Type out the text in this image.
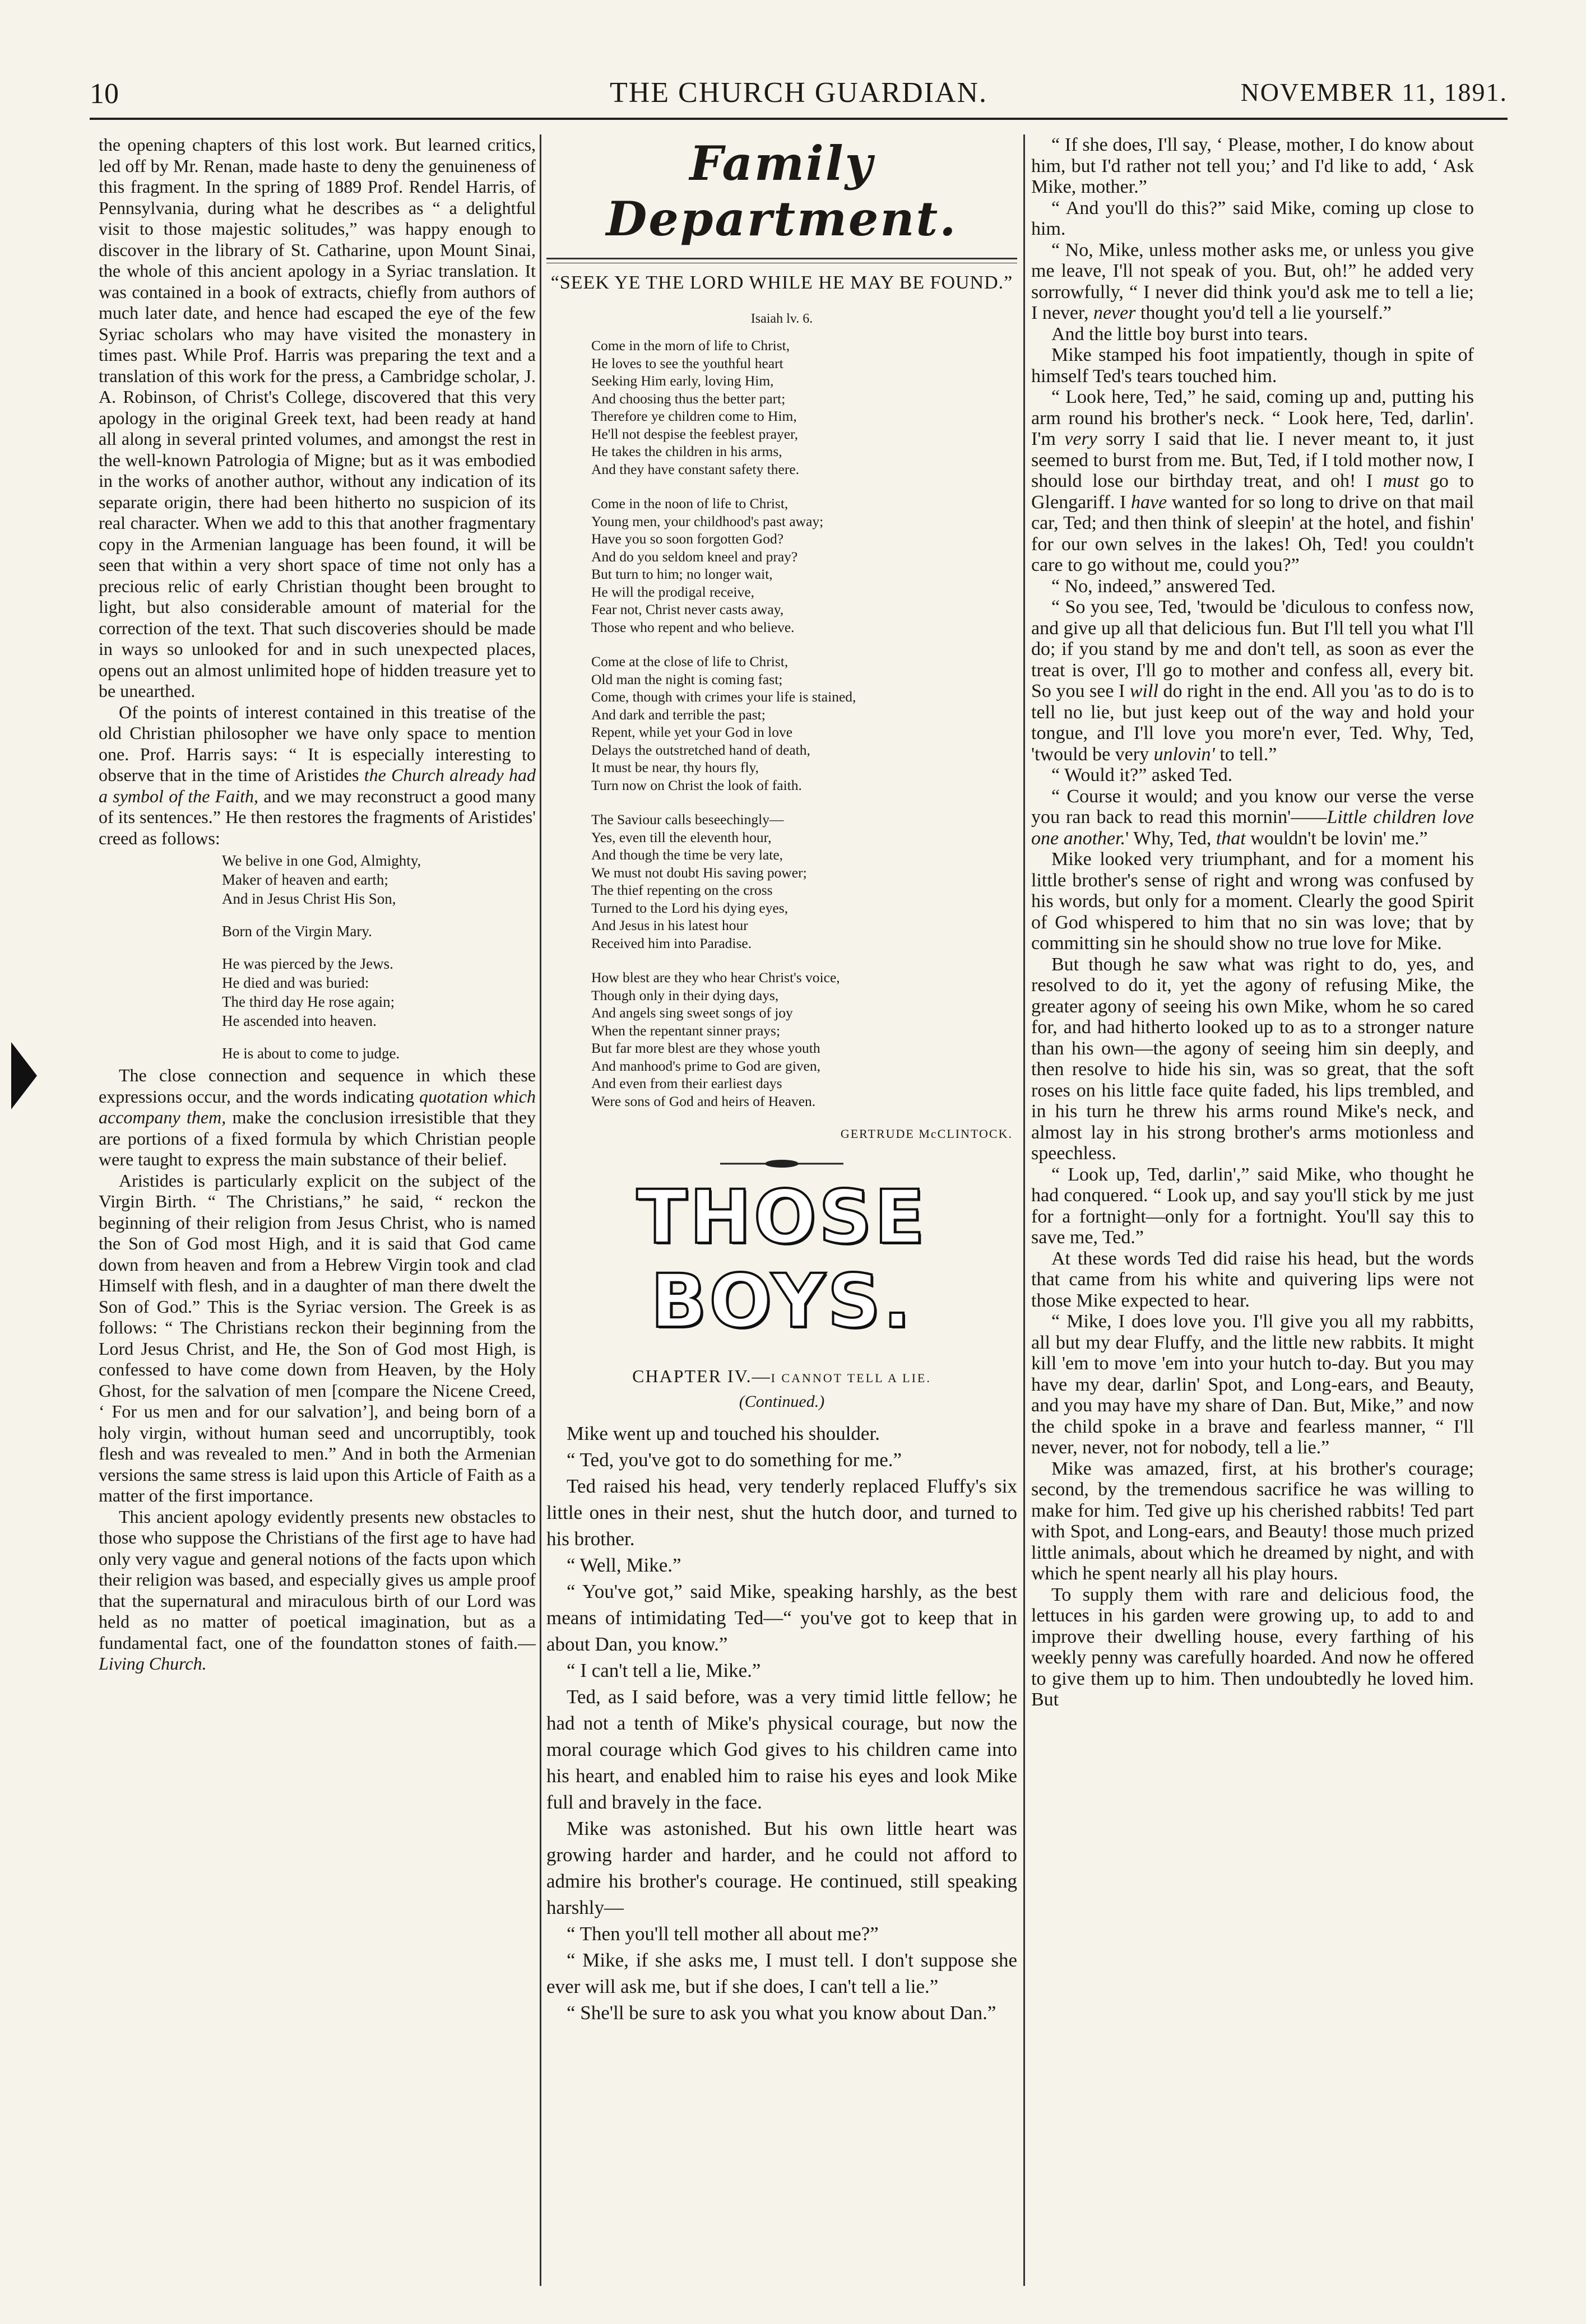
10	THE CHURCH GUARDIAN.	NOVEMBER 11, 1891.

the opening chapters of this lost work. But learned critics, led off by Mr. Renan, made haste to deny the genuineness of this fragment. In the spring of 1889 Prof. Rendel Harris, of Pennsylvania, during what he describes as “ a delightful visit to those majestic solitudes,” was happy enough to discover in the library of St. Catharine, upon Mount Sinai, the whole of this ancient apology in a Syriac translation. It was contained in a book of extracts, chiefly from authors of much later date, and hence had escaped the eye of the few Syriac scholars who may have visited the monastery in times past. While Prof. Harris was preparing the text and a translation of this work for the press, a Cambridge scholar, J. A. Robinson, of Christ's College, discovered that this very apology in the original Greek text, had been ready at hand all along in several printed volumes, and amongst the rest in the well-known Patrologia of Migne; but as it was embodied in the works of another author, without any indication of its separate origin, there had been hitherto no suspicion of its real character. When we add to this that another fragmentary copy in the Armenian language has been found, it will be seen that within a very short space of time not only has a precious relic of early Christian thought been brought to light, but also considerable amount of material for the correction of the text. That such discoveries should be made in ways so unlooked for and in such unexpected places, opens out an almost unlimited hope of hidden treasure yet to be unearthed.

Of the points of interest contained in this treatise of the old Christian philosopher we have only space to mention one. Prof. Harris says: “ It is especially interesting to observe that in the time of Aristides the Church already had a symbol of the Faith, and we may reconstruct a good many of its sentences.” He then restores the fragments of Aristides' creed as follows:

We belive in one God, Almighty,
Maker of heaven and earth;
And in Jesus Christ His Son,
Born of the Virgin Mary.
He was pierced by the Jews.
He died and was buried:
The third day He rose again;
He ascended into heaven.
He is about to come to judge.

The close connection and sequence in which these expressions occur, and the words indicating quotation which accompany them, make the conclusion irresistible that they are portions of a fixed formula by which Christian people were taught to express the main substance of their belief.

Aristides is particularly explicit on the subject of the Virgin Birth. “ The Christians,” he said, “ reckon the beginning of their religion from Jesus Christ, who is named the Son of God most High, and it is said that God came down from heaven and from a Hebrew Virgin took and clad Himself with flesh, and in a daughter of man there dwelt the Son of God.” This is the Syriac version. The Greek is as follows: “ The Christians reckon their beginning from the Lord Jesus Christ, and He, the Son of God most High, is confessed to have come down from Heaven, by the Holy Ghost, for the salvation of men [compare the Nicene Creed, ‘ For us men and for our salvation’], and being born of a holy virgin, without human seed and uncorruptibly, took flesh and was revealed to men.” And in both the Armenian versions the same stress is laid upon this Article of Faith as a matter of the first importance.

This ancient apology evidently presents new obstacles to those who suppose the Christians of the first age to have had only very vague and general notions of the facts upon which their religion was based, and especially gives us ample proof that the supernatural and miraculous birth of our Lord was held as no matter of poetical imagination, but as a fundamental fact, one of the foundatton stones of faith.—Living Church.

Family Department.
“SEEK YE THE LORD WHILE HE MAY BE FOUND.”
Isaiah lv. 6.
Come in the morn of life to Christ,
He loves to see the youthful heart
Seeking Him early, loving Him,
And choosing thus the better part;
Therefore ye children come to Him,
He'll not despise the feeblest prayer,
He takes the children in his arms,
And they have constant safety there.
Come in the noon of life to Christ,
Young men, your childhood's past away;
Have you so soon forgotten God?
And do you seldom kneel and pray?
But turn to him; no longer wait,
He will the prodigal receive,
Fear not, Christ never casts away,
Those who repent and who believe.
Come at the close of life to Christ,
Old man the night is coming fast;
Come, though with crimes your life is stained,
And dark and terrible the past;
Repent, while yet your God in love
Delays the outstretched hand of death,
It must be near, thy hours fly,
Turn now on Christ the look of faith.
The Saviour calls beseechingly—
Yes, even till the eleventh hour,
And though the time be very late,
We must not doubt His saving power;
The thief repenting on the cross
Turned to the Lord his dying eyes,
And Jesus in his latest hour
Received him into Paradise.
How blest are they who hear Christ's voice,
Though only in their dying days,
And angels sing sweet songs of joy
When the repentant sinner prays;
But far more blest are they whose youth
And manhood's prime to God are given,
And even from their earliest days
Were sons of God and heirs of Heaven.
GERTRUDE McCLINTOCK.
THOSE BOYS.
CHAPTER IV.—I CANNOT TELL A LIE.
(Continued.)

Mike went up and touched his shoulder.

“ Ted, you've got to do something for me.”

Ted raised his head, very tenderly replaced Fluffy's six little ones in their nest, shut the hutch door, and turned to his brother.

“ Well, Mike.”

“ You've got,” said Mike, speaking harshly, as the best means of intimidating Ted—“ you've got to keep that in about Dan, you know.”

“ I can't tell a lie, Mike.”

Ted, as I said before, was a very timid little fellow; he had not a tenth of Mike's physical courage, but now the moral courage which God gives to his children came into his heart, and enabled him to raise his eyes and look Mike full and bravely in the face.

Mike was astonished. But his own little heart was growing harder and harder, and he could not afford to admire his brother's courage. He continued, still speaking harshly—

“ Then you'll tell mother all about me?”

“ Mike, if she asks me, I must tell. I don't suppose she ever will ask me, but if she does, I can't tell a lie.”

“ She'll be sure to ask you what you know about Dan.”

“ If she does, I'll say, ‘ Please, mother, I do know about him, but I'd rather not tell you;’ and I'd like to add, ‘ Ask Mike, mother.”

“ And you'll do this?” said Mike, coming up close to him.

“ No, Mike, unless mother asks me, or unless you give me leave, I'll not speak of you. But, oh!” he added very sorrowfully, “ I never did think you'd ask me to tell a lie; I never, never thought you'd tell a lie yourself.”

And the little boy burst into tears.

Mike stamped his foot impatiently, though in spite of himself Ted's tears touched him.

“ Look here, Ted,” he said, coming up and, putting his arm round his brother's neck. “ Look here, Ted, darlin'. I'm very sorry I said that lie. I never meant to, it just seemed to burst from me. But, Ted, if I told mother now, I should lose our birthday treat, and oh! I must go to Glengariff. I have wanted for so long to drive on that mail car, Ted; and then think of sleepin' at the hotel, and fishin' for our own selves in the lakes! Oh, Ted! you couldn't care to go without me, could you?”

“ No, indeed,” answered Ted.

“ So you see, Ted, 'twould be 'diculous to confess now, and give up all that delicious fun. But I'll tell you what I'll do; if you stand by me and don't tell, as soon as ever the treat is over, I'll go to mother and confess all, every bit. So you see I will do right in the end. All you 'as to do is to tell no lie, but just keep out of the way and hold your tongue, and I'll love you more'n ever, Ted. Why, Ted, 'twould be very unlovin' to tell.”

“ Would it?” asked Ted.

“ Course it would; and you know our verse the verse you ran back to read this mornin'——Little children love one another.' Why, Ted, that wouldn't be lovin' me.”

Mike looked very triumphant, and for a moment his little brother's sense of right and wrong was confused by his words, but only for a moment. Clearly the good Spirit of God whispered to him that no sin was love; that by committing sin he should show no true love for Mike.

But though he saw what was right to do, yes, and resolved to do it, yet the agony of refusing Mike, the greater agony of seeing his own Mike, whom he so cared for, and had hitherto looked up to as to a stronger nature than his own—the agony of seeing him sin deeply, and then resolve to hide his sin, was so great, that the soft roses on his little face quite faded, his lips trembled, and in his turn he threw his arms round Mike's neck, and almost lay in his strong brother's arms motionless and speechless.

“ Look up, Ted, darlin',” said Mike, who thought he had conquered. “ Look up, and say you'll stick by me just for a fortnight—only for a fortnight. You'll say this to save me, Ted.”

At these words Ted did raise his head, but the words that came from his white and quivering lips were not those Mike expected to hear.

“ Mike, I does love you. I'll give you all my rabbitts, all but my dear Fluffy, and the little new rabbits. It might kill 'em to move 'em into your hutch to-day. But you may have my dear, darlin' Spot, and Long-ears, and Beauty, and you may have my share of Dan. But, Mike,” and now the child spoke in a brave and fearless manner, “ I'll never, never, not for nobody, tell a lie.”

Mike was amazed, first, at his brother's courage; second, by the tremendous sacrifice he was willing to make for him. Ted give up his cherished rabbits! Ted part with Spot, and Long-ears, and Beauty! those much prized little animals, about which he dreamed by night, and with which he spent nearly all his play hours.

To supply them with rare and delicious food, the lettuces in his garden were growing up, to add to and improve their dwelling house, every farthing of his weekly penny was carefully hoarded. And now he offered to give them up to him. Then undoubtedly he loved him. But
